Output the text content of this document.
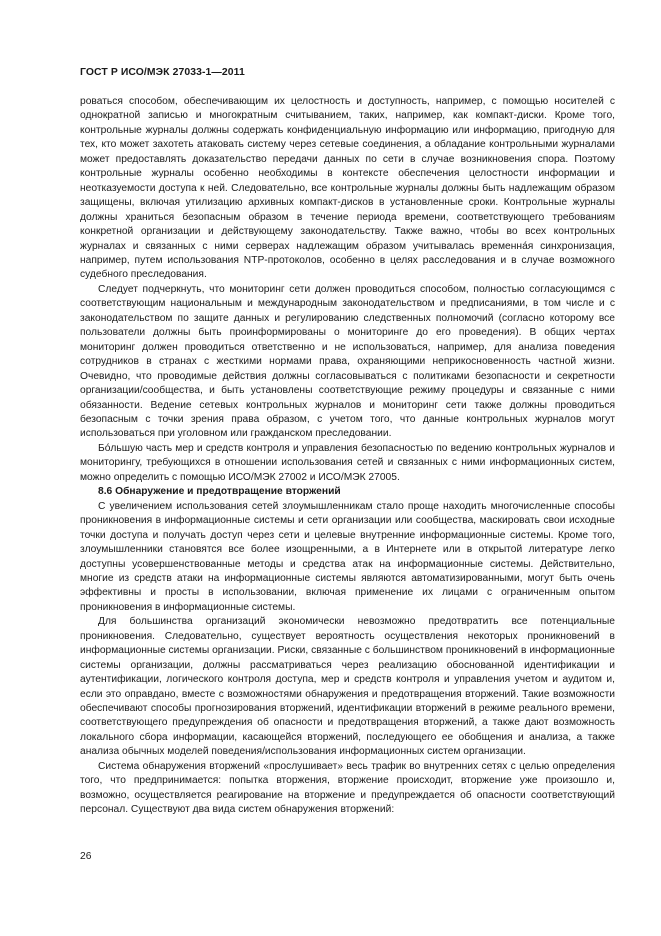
ГОСТ Р ИСО/МЭК 27033-1—2011

роваться способом, обеспечивающим их целостность и доступность, например, с помощью носителей с однократной записью и многократным считыванием, таких, например, как компакт-диски. Кроме того, контрольные журналы должны содержать конфиденциальную информацию или информацию, пригодную для тех, кто может захотеть атаковать систему через сетевые соединения, а обладание контрольными журналами может предоставлять доказательство передачи данных по сети в случае возникновения спора. Поэтому контрольные журналы особенно необходимы в контексте обеспечения целостности информации и неотказуемости доступа к ней. Следовательно, все контрольные журналы должны быть надлежащим образом защищены, включая утилизацию архивных компакт-дисков в установленные сроки. Контрольные журналы должны храниться безопасным образом в течение периода времени, соответствующего требованиям конкретной организации и действующему законодательству. Также важно, чтобы во всех контрольных журналах и связанных с ними серверах надлежащим образом учитывалась временна́я синхронизация, например, путем использования NTP-протоколов, особенно в целях расследования и в случае возможного судебного преследования.

Следует подчеркнуть, что мониторинг сети должен проводиться способом, полностью согласующимся с соответствующим национальным и международным законодательством и предписаниями, в том числе и с законодательством по защите данных и регулированию следственных полномочий (согласно которому все пользователи должны быть проинформированы о мониторинге до его проведения). В общих чертах мониторинг должен проводиться ответственно и не использоваться, например, для анализа поведения сотрудников в странах с жесткими нормами права, охраняющими неприкосновенность частной жизни. Очевидно, что проводимые действия должны согласовываться с политиками безопасности и секретности организации/сообщества, и быть установлены соответствующие режиму процедуры и связанные с ними обязанности. Ведение сетевых контрольных журналов и мониторинг сети также должны проводиться безопасным с точки зрения права образом, с учетом того, что данные контрольных журналов могут использоваться при уголовном или гражданском преследовании.

Бо́льшую часть мер и средств контроля и управления безопасностью по ведению контрольных журналов и мониторингу, требующихся в отношении использования сетей и связанных с ними информационных систем, можно определить с помощью ИСО/МЭК 27002 и ИСО/МЭК 27005.

8.6 Обнаружение и предотвращение вторжений

С увеличением использования сетей злоумышленникам стало проще находить многочисленные способы проникновения в информационные системы и сети организации или сообщества, маскировать свои исходные точки доступа и получать доступ через сети и целевые внутренние информационные системы. Кроме того, злоумышленники становятся все более изощренными, а в Интернете или в открытой литературе легко доступны усовершенствованные методы и средства атак на информационные системы. Действительно, многие из средств атаки на информационные системы являются автоматизированными, могут быть очень эффективны и просты в использовании, включая применение их лицами с ограниченным опытом проникновения в информационные системы.

Для большинства организаций экономически невозможно предотвратить все потенциальные проникновения. Следовательно, существует вероятность осуществления некоторых проникновений в информационные системы организации. Риски, связанные с большинством проникновений в информационные системы организации, должны рассматриваться через реализацию обоснованной идентификации и аутентификации, логического контроля доступа, мер и средств контроля и управления учетом и аудитом и, если это оправдано, вместе с возможностями обнаружения и предотвращения вторжений. Такие возможности обеспечивают способы прогнозирования вторжений, идентификации вторжений в режиме реального времени, соответствующего предупреждения об опасности и предотвращения вторжений, а также дают возможность локального сбора информации, касающейся вторжений, последующего ее обобщения и анализа, а также анализа обычных моделей поведения/использования информационных систем организации.

Система обнаружения вторжений «прослушивает» весь трафик во внутренних сетях с целью определения того, что предпринимается: попытка вторжения, вторжение происходит, вторжение уже произошло и, возможно, осуществляется реагирование на вторжение и предупреждается об опасности соответствующий персонал. Существуют два вида систем обнаружения вторжений:

26
